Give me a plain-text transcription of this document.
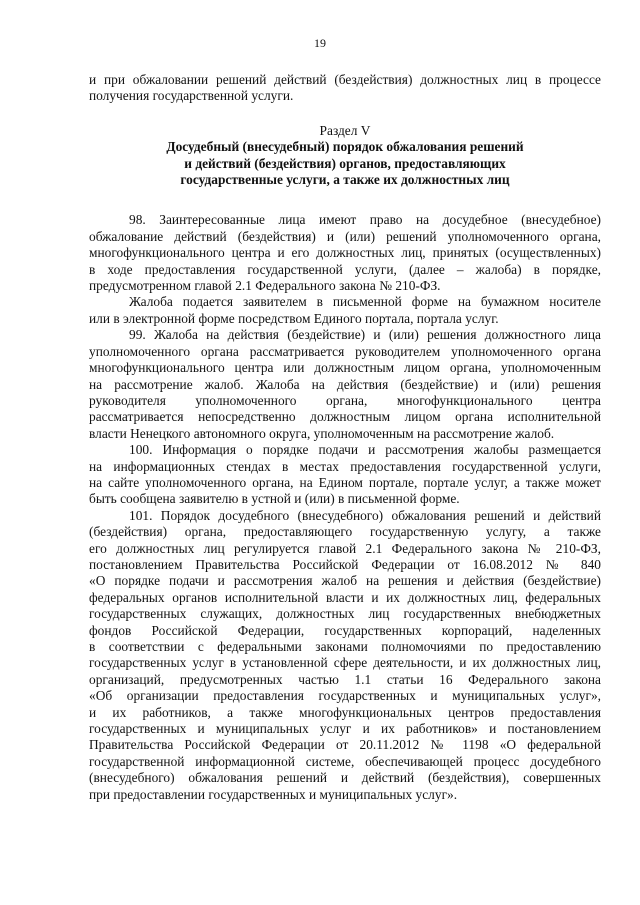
19
и при обжаловании решений действий (бездействия) должностных лиц в процессе
получения государственной услуги.
Раздел V
Досудебный (внесудебный) порядок обжалования решений
и действий (бездействия) органов, предоставляющих
государственные услуги, а также их должностных лиц
98. Заинтересованные лица имеют право на досудебное (внесудебное)
обжалование действий (бездействия) и (или) решений уполномоченного органа,
многофункционального центра и его должностных лиц, принятых (осуществленных)
в ходе предоставления государственной услуги, (далее – жалоба) в порядке,
предусмотренном главой 2.1 Федерального закона № 210-ФЗ.
Жалоба подается заявителем в письменной форме на бумажном носителе
или в электронной форме посредством Единого портала, портала услуг.
99. Жалоба на действия (бездействие) и (или) решения должностного лица
уполномоченного органа рассматривается руководителем уполномоченного органа
многофункционального центра или должностным лицом органа, уполномоченным
на рассмотрение жалоб. Жалоба на действия (бездействие) и (или) решения
руководителя уполномоченного органа, многофункционального центра
рассматривается непосредственно должностным лицом органа исполнительной
власти Ненецкого автономного округа, уполномоченным на рассмотрение жалоб.
100. Информация о порядке подачи и рассмотрения жалобы размещается
на информационных стендах в местах предоставления государственной услуги,
на сайте уполномоченного органа, на Едином портале, портале услуг, а также может
быть сообщена заявителю в устной и (или) в письменной форме.
101. Порядок досудебного (внесудебного) обжалования решений и действий
(бездействия) органа, предоставляющего государственную услугу, а также
его должностных лиц регулируется главой 2.1 Федерального закона № 210-ФЗ,
постановлением Правительства Российской Федерации от 16.08.2012 № 840
«О порядке подачи и рассмотрения жалоб на решения и действия (бездействие)
федеральных органов исполнительной власти и их должностных лиц, федеральных
государственных служащих, должностных лиц государственных внебюджетных
фондов Российской Федерации, государственных корпораций, наделенных
в соответствии с федеральными законами полномочиями по предоставлению
государственных услуг в установленной сфере деятельности, и их должностных лиц,
организаций, предусмотренных частью 1.1 статьи 16 Федерального закона
«Об организации предоставления государственных и муниципальных услуг»,
и их работников, а также многофункциональных центров предоставления
государственных и муниципальных услуг и их работников» и постановлением
Правительства Российской Федерации от 20.11.2012 № 1198 «О федеральной
государственной информационной системе, обеспечивающей процесс досудебного
(внесудебного) обжалования решений и действий (бездействия), совершенных
при предоставлении государственных и муниципальных услуг».
